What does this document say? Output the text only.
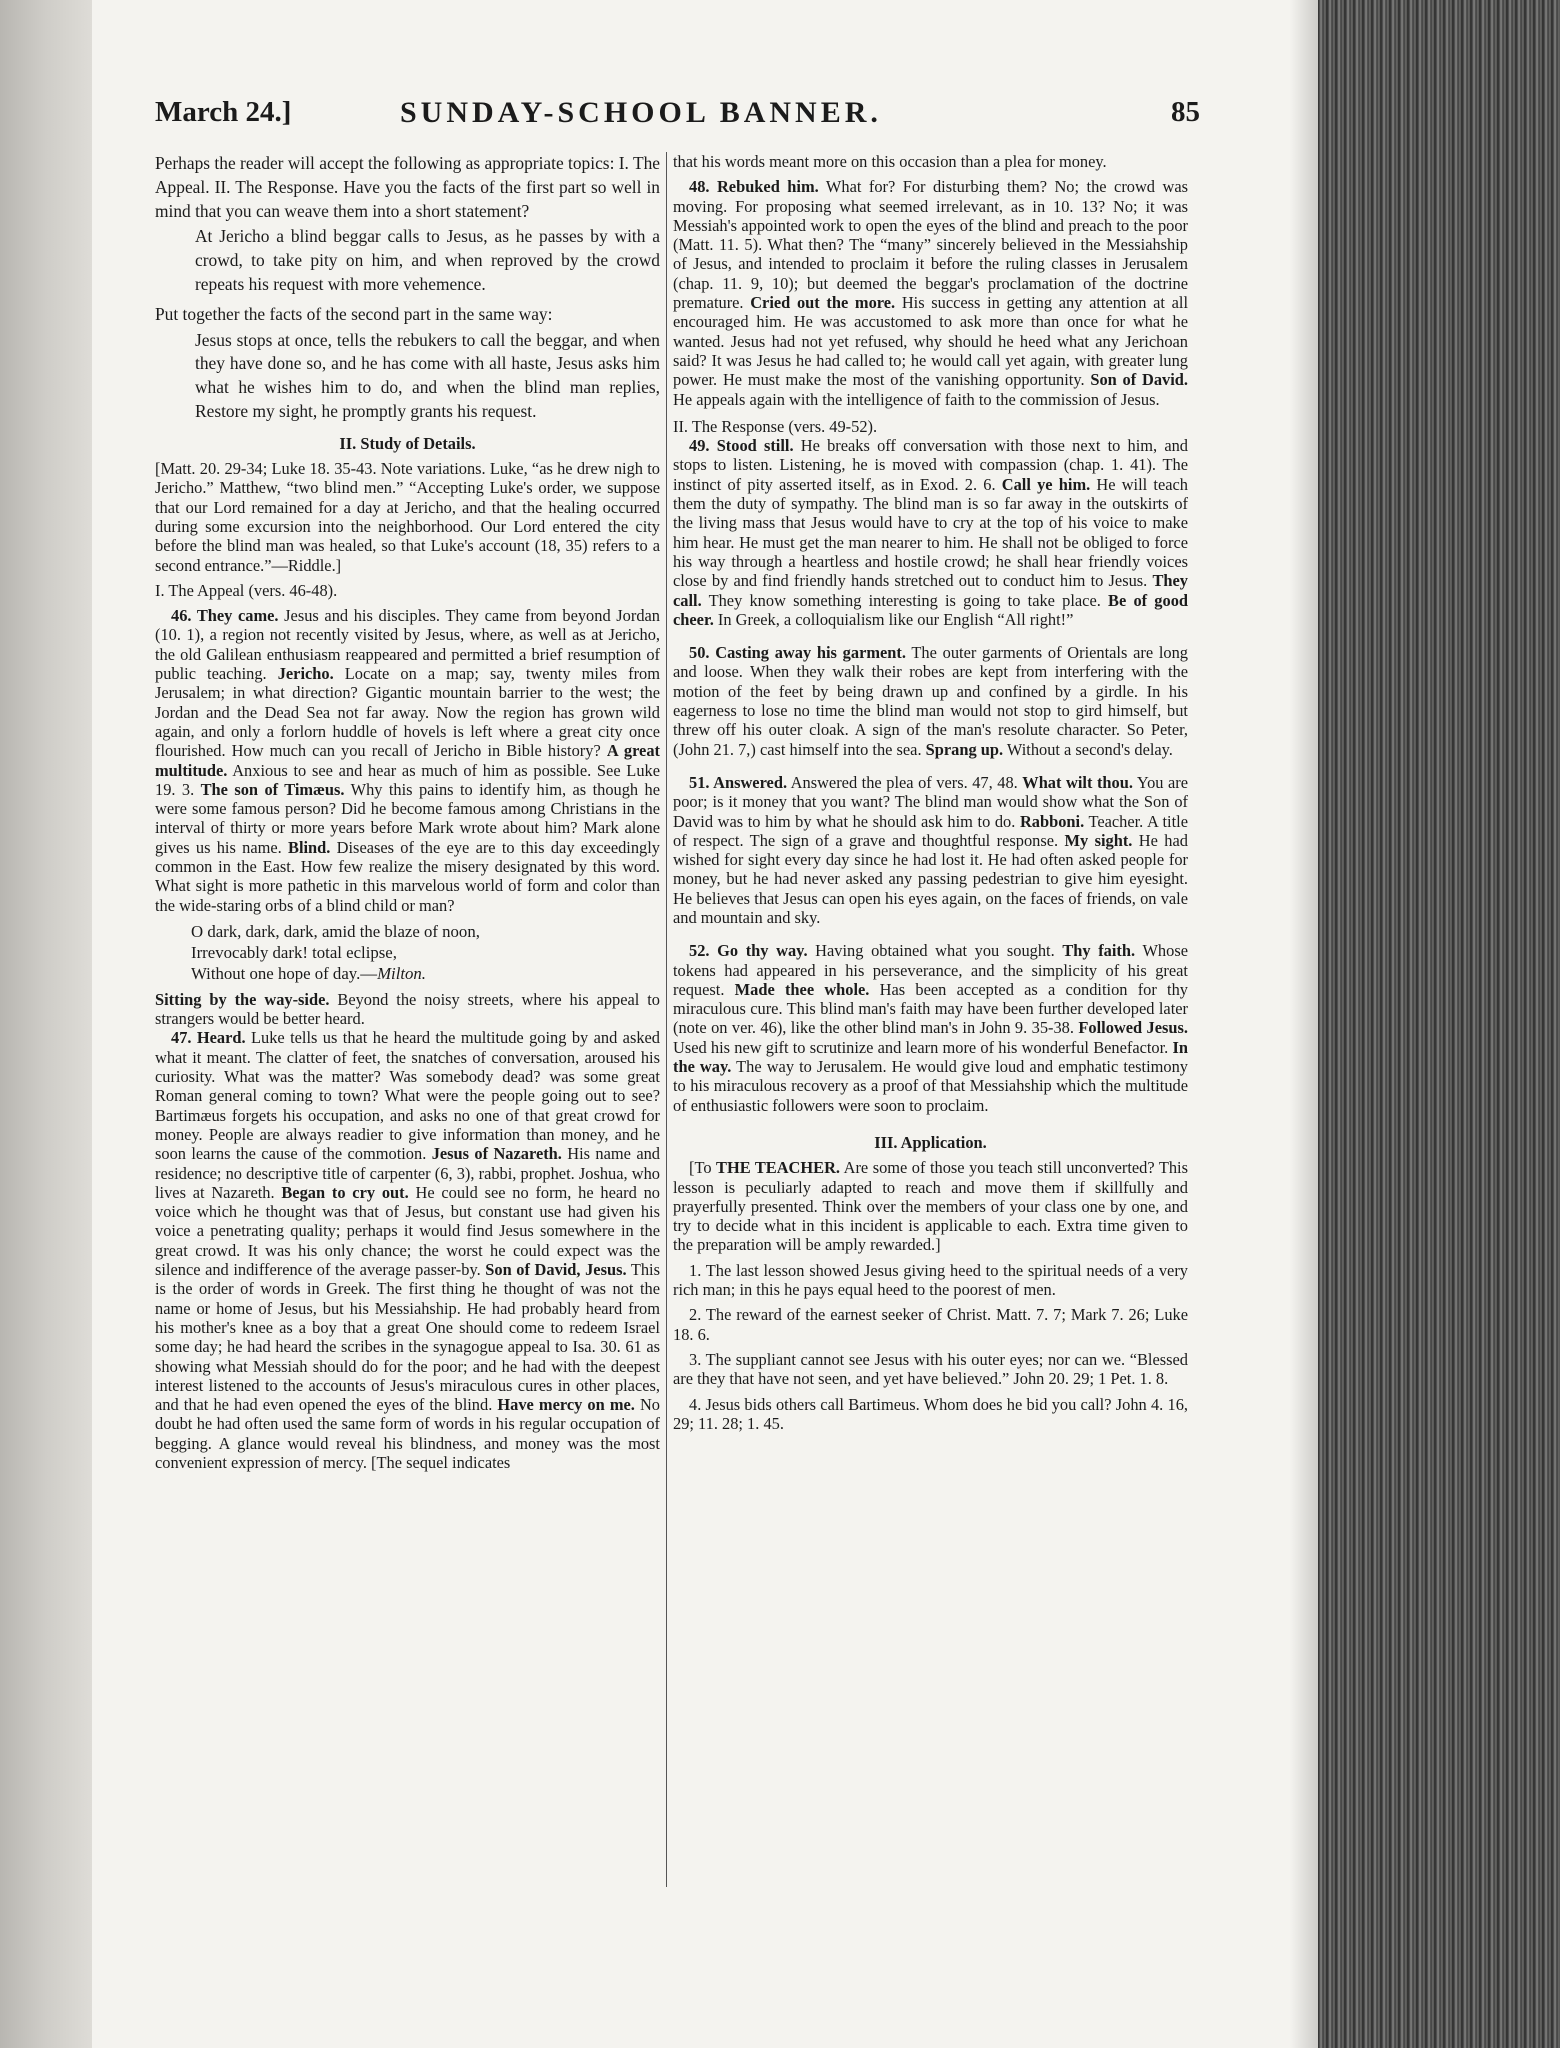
March 24.]	SUNDAY-SCHOOL BANNER.	85

Perhaps the reader will accept the following as appropriate topics: I. The Appeal. II. The Response. Have you the facts of the first part so well in mind that you can weave them into a short statement?

At Jericho a blind beggar calls to Jesus, as he passes by with a crowd, to take pity on him, and when reproved by the crowd repeats his request with more vehemence.

Put together the facts of the second part in the same way:

Jesus stops at once, tells the rebukers to call the beggar, and when they have done so, and he has come with all haste, Jesus asks him what he wishes him to do, and when the blind man replies, Restore my sight, he promptly grants his request.

II. Study of Details.

[Matt. 20. 29-34; Luke 18. 35-43. Note variations. Luke, “as he drew nigh to Jericho.” Matthew, “two blind men.” “Accepting Luke's order, we suppose that our Lord remained for a day at Jericho, and that the healing occurred during some excursion into the neighborhood. Our Lord entered the city before the blind man was healed, so that Luke's account (18, 35) refers to a second entrance.”—Riddle.]

I. The Appeal (vers. 46-48).

46. They came. Jesus and his disciples. They came from beyond Jordan (10. 1), a region not recently visited by Jesus, where, as well as at Jericho, the old Galilean enthusiasm reappeared and permitted a brief resumption of public teaching. Jericho. Locate on a map; say, twenty miles from Jerusalem; in what direction? Gigantic mountain barrier to the west; the Jordan and the Dead Sea not far away. Now the region has grown wild again, and only a forlorn huddle of hovels is left where a great city once flourished. How much can you recall of Jericho in Bible history? A great multitude. Anxious to see and hear as much of him as possible. See Luke 19. 3. The son of Timæus. Why this pains to identify him, as though he were some famous person? Did he become famous among Christians in the interval of thirty or more years before Mark wrote about him? Mark alone gives us his name. Blind. Diseases of the eye are to this day exceedingly common in the East. How few realize the misery designated by this word. What sight is more pathetic in this marvelous world of form and color than the wide-staring orbs of a blind child or man?

O dark, dark, dark, amid the blaze of noon,
Irrevocably dark! total eclipse,
Without one hope of day.—Milton.

Sitting by the way-side. Beyond the noisy streets, where his appeal to strangers would be better heard.

47. Heard. Luke tells us that he heard the multitude going by and asked what it meant. The clatter of feet, the snatches of conversation, aroused his curiosity. What was the matter? Was somebody dead? was some great Roman general coming to town? What were the people going out to see? Bartimæus forgets his occupation, and asks no one of that great crowd for money. People are always readier to give information than money, and he soon learns the cause of the commotion. Jesus of Nazareth. His name and residence; no descriptive title of carpenter (6, 3), rabbi, prophet. Joshua, who lives at Nazareth. Began to cry out. He could see no form, he heard no voice which he thought was that of Jesus, but constant use had given his voice a penetrating quality; perhaps it would find Jesus somewhere in the great crowd. It was his only chance; the worst he could expect was the silence and indifference of the average passer-by. Son of David, Jesus. This is the order of words in Greek. The first thing he thought of was not the name or home of Jesus, but his Messiahship. He had probably heard from his mother's knee as a boy that a great One should come to redeem Israel some day; he had heard the scribes in the synagogue appeal to Isa. 30. 61 as showing what Messiah should do for the poor; and he had with the deepest interest listened to the accounts of Jesus's miraculous cures in other places, and that he had even opened the eyes of the blind. Have mercy on me. No doubt he had often used the same form of words in his regular occupation of begging. A glance would reveal his blindness, and money was the most convenient expression of mercy. [The sequel indicates

that his words meant more on this occasion than a plea for money.

48. Rebuked him. What for? For disturbing them? No; the crowd was moving. For proposing what seemed irrelevant, as in 10. 13? No; it was Messiah's appointed work to open the eyes of the blind and preach to the poor (Matt. 11. 5). What then? The “many” sincerely believed in the Messiahship of Jesus, and intended to proclaim it before the ruling classes in Jerusalem (chap. 11. 9, 10); but deemed the beggar's proclamation of the doctrine premature. Cried out the more. His success in getting any attention at all encouraged him. He was accustomed to ask more than once for what he wanted. Jesus had not yet refused, why should he heed what any Jerichoan said? It was Jesus he had called to; he would call yet again, with greater lung power. He must make the most of the vanishing opportunity. Son of David. He appeals again with the intelligence of faith to the commission of Jesus.

II. The Response (vers. 49-52).

49. Stood still. He breaks off conversation with those next to him, and stops to listen. Listening, he is moved with compassion (chap. 1. 41). The instinct of pity asserted itself, as in Exod. 2. 6. Call ye him. He will teach them the duty of sympathy. The blind man is so far away in the outskirts of the living mass that Jesus would have to cry at the top of his voice to make him hear. He must get the man nearer to him. He shall not be obliged to force his way through a heartless and hostile crowd; he shall hear friendly voices close by and find friendly hands stretched out to conduct him to Jesus. They call. They know something interesting is going to take place. Be of good cheer. In Greek, a colloquialism like our English “All right!”

50. Casting away his garment. The outer garments of Orientals are long and loose. When they walk their robes are kept from interfering with the motion of the feet by being drawn up and confined by a girdle. In his eagerness to lose no time the blind man would not stop to gird himself, but threw off his outer cloak. A sign of the man's resolute character. So Peter, (John 21. 7,) cast himself into the sea. Sprang up. Without a second's delay.

51. Answered. Answered the plea of vers. 47, 48. What wilt thou. You are poor; is it money that you want? The blind man would show what the Son of David was to him by what he should ask him to do. Rabboni. Teacher. A title of respect. The sign of a grave and thoughtful response. My sight. He had wished for sight every day since he had lost it. He had often asked people for money, but he had never asked any passing pedestrian to give him eyesight. He believes that Jesus can open his eyes again, on the faces of friends, on vale and mountain and sky.

52. Go thy way. Having obtained what you sought. Thy faith. Whose tokens had appeared in his perseverance, and the simplicity of his great request. Made thee whole. Has been accepted as a condition for thy miraculous cure. This blind man's faith may have been further developed later (note on ver. 46), like the other blind man's in John 9. 35-38. Followed Jesus. Used his new gift to scrutinize and learn more of his wonderful Benefactor. In the way. The way to Jerusalem. He would give loud and emphatic testimony to his miraculous recovery as a proof of that Messiahship which the multitude of enthusiastic followers were soon to proclaim.

III. Application.

[To THE TEACHER. Are some of those you teach still unconverted? This lesson is peculiarly adapted to reach and move them if skillfully and prayerfully presented. Think over the members of your class one by one, and try to decide what in this incident is applicable to each. Extra time given to the preparation will be amply rewarded.]

1. The last lesson showed Jesus giving heed to the spiritual needs of a very rich man; in this he pays equal heed to the poorest of men.

2. The reward of the earnest seeker of Christ. Matt. 7. 7; Mark 7. 26; Luke 18. 6.

3. The suppliant cannot see Jesus with his outer eyes; nor can we. “Blessed are they that have not seen, and yet have believed.” John 20. 29; 1 Pet. 1. 8.

4. Jesus bids others call Bartimeus. Whom does he bid you call? John 4. 16, 29; 11. 28; 1. 45.
